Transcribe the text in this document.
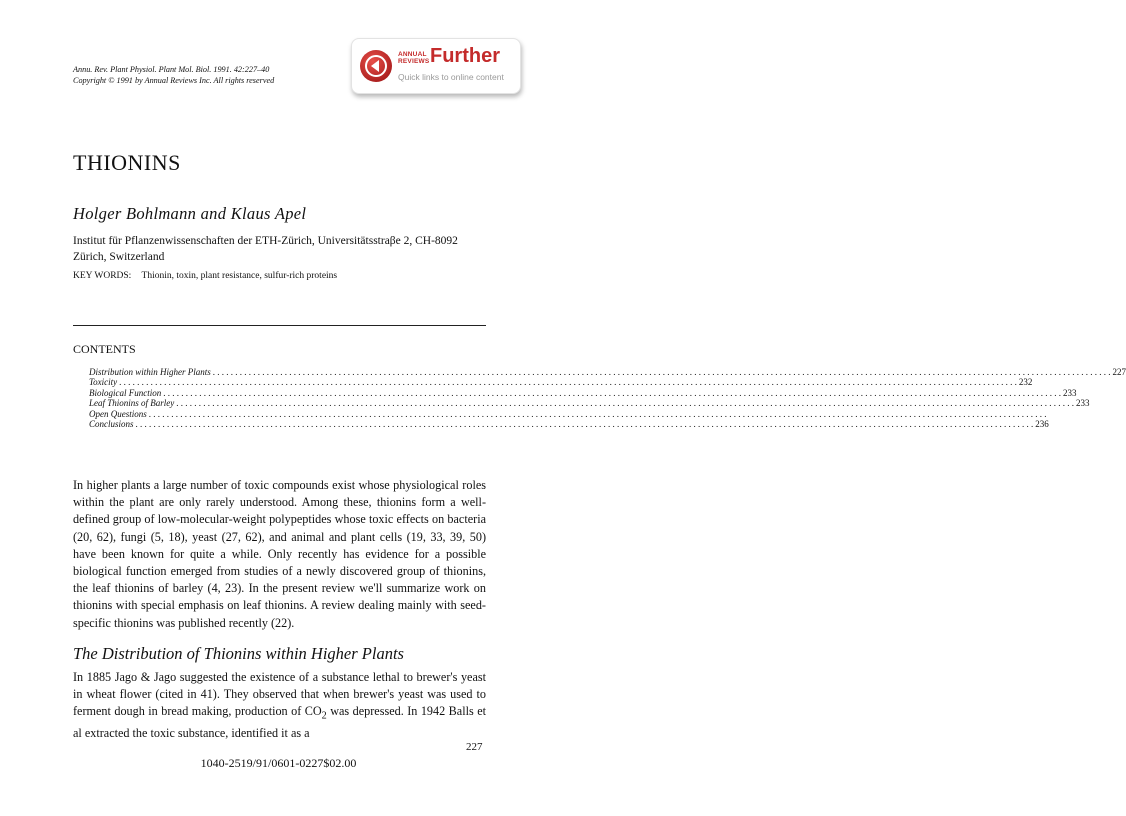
Annu. Rev. Plant Physiol. Plant Mol. Biol. 1991. 42:227–40
Copyright © 1991 by Annual Reviews Inc. All rights reserved
ANNUAL
REVIEWS Further
Quick links to online content
THIONINS
Holger Bohlmann and Klaus Apel
Institut für Pflanzenwissenschaften der ETH-Zürich, Universitätsstraβe 2, CH-8092 Zürich, Switzerland
KEY WORDS: Thionin, toxin, plant resistance, sulfur-rich proteins
CONTENTS
Distribution within Higher Plants . . . . . . . . . . . . . . . . . . . . . . . . . . . . . . . . . . . . . . . . . . . . . . . . . . . . . . . . . . . . . . . . . . . . . . . . . . . . . . . . . . . . . . . . . . . . . . . . . . . . . . . . . . . . . . . . . . . . . . . . . . . . . . . . . . . . . . . . . . . . . . . . . . . . . . . . . . . . . . . . . . . . . . . . . . . . . . . . . . . . . . . . . . . . . . . . . . . . . . . . 227
Toxicity . . . . . . . . . . . . . . . . . . . . . . . . . . . . . . . . . . . . . . . . . . . . . . . . . . . . . . . . . . . . . . . . . . . . . . . . . . . . . . . . . . . . . . . . . . . . . . . . . . . . . . . . . . . . . . . . . . . . . . . . . . . . . . . . . . . . . . . . . . . . . . . . . . . . . . . . . . . . . . . . . . . . . . . . . . . . . . . . . . . . . . . . . . . . . . . . . . . . . . . . 232
Biological Function . . . . . . . . . . . . . . . . . . . . . . . . . . . . . . . . . . . . . . . . . . . . . . . . . . . . . . . . . . . . . . . . . . . . . . . . . . . . . . . . . . . . . . . . . . . . . . . . . . . . . . . . . . . . . . . . . . . . . . . . . . . . . . . . . . . . . . . . . . . . . . . . . . . . . . . . . . . . . . . . . . . . . . . . . . . . . . . . . . . . . . . . . . . . . . . . . . . . . . . . 233
Leaf Thionins of Barley . . . . . . . . . . . . . . . . . . . . . . . . . . . . . . . . . . . . . . . . . . . . . . . . . . . . . . . . . . . . . . . . . . . . . . . . . . . . . . . . . . . . . . . . . . . . . . . . . . . . . . . . . . . . . . . . . . . . . . . . . . . . . . . . . . . . . . . . . . . . . . . . . . . . . . . . . . . . . . . . . . . . . . . . . . . . . . . . . . . . . . . . . . . . . . . . . . . . . . . . 233
Open Questions . . . . . . . . . . . . . . . . . . . . . . . . . . . . . . . . . . . . . . . . . . . . . . . . . . . . . . . . . . . . . . . . . . . . . . . . . . . . . . . . . . . . . . . . . . . . . . . . . . . . . . . . . . . . . . . . . . . . . . . . . . . . . . . . . . . . . . . . . . . . . . . . . . . . . . . . . . . . . . . . . . . . . . . . . . . . . . . . . . . . . . . . . . . . . . . . . . . . . . . .
Conclusions . . . . . . . . . . . . . . . . . . . . . . . . . . . . . . . . . . . . . . . . . . . . . . . . . . . . . . . . . . . . . . . . . . . . . . . . . . . . . . . . . . . . . . . . . . . . . . . . . . . . . . . . . . . . . . . . . . . . . . . . . . . . . . . . . . . . . . . . . . . . . . . . . . . . . . . . . . . . . . . . . . . . . . . . . . . . . . . . . . . . . . . . . . . . . . . . . . . . . . . . 236

In higher plants a large number of toxic compounds exist whose physiological roles within the plant are only rarely understood. Among these, thionins form a well-defined group of low-molecular-weight polypeptides whose toxic effects on bacteria (20, 62), fungi (5, 18), yeast (27, 62), and animal and plant cells (19, 33, 39, 50) have been known for quite a while. Only recently has evidence for a possible biological function emerged from studies of a newly discovered group of thionins, the leaf thionins of barley (4, 23). In the present review we'll summarize work on thionins with special emphasis on leaf thionins. A review dealing mainly with seed-specific thionins was published recently (22).

The Distribution of Thionins within Higher Plants

In 1885 Jago & Jago suggested the existence of a substance lethal to brewer's yeast in wheat flower (cited in 41). They observed that when brewer's yeast was used to ferment dough in bread making, production of $CO_2$ was depressed. In 1942 Balls et al extracted the toxic substance, identified it as a

227
1040-2519/91/0601-0227$02.00
